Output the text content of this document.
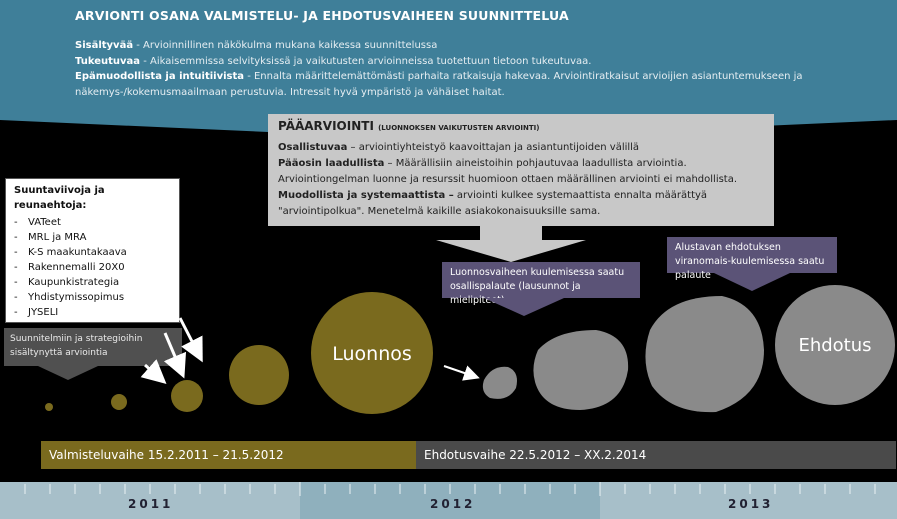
ARVIONTI OSANA VALMISTELU- JA EHDOTUSVAIHEEN SUUNNITTELUA
Sisältyvää - Arvioinnillinen näkökulma mukana kaikessa suunnittelussa
Tukeutuvaa - Aikaisemmissa selvityksissä ja vaikutusten arvioinneissa tuotettuun tietoon tukeutuvaa.
Epämuodollista ja intuitiivista - Ennalta määrittelemättömästi parhaita ratkaisuja hakevaa. Arviointiratkaisut arvioijien asiantuntemukseen ja näkemys-/kokemusmaailmaan perustuvia. Intressit hyvä ympäristö ja vähäiset haitat.
PÄÄARVIOINTI (LUONNOKSEN VAIKUTUSTEN ARVIOINTI)
Osallistuvaa – arviointiyhteistyö kaavoittajan ja asiantuntijoiden välillä
Pääosin laadullista – Määrällisiin aineistoihin pohjautuvaa laadullista arviointia.
Arviointiongelman luonne ja resurssit huomioon ottaen määrällinen arviointi ei mahdollista.
Muodollista ja systemaattista – arviointi kulkee systemaattista ennalta määrättyä "arviointipolkua". Menetelmä kaikille asiakokonaisuuksille sama.
Suuntaviivoja ja reunaehtoja:
- VATeet
- MRL ja MRA
- K-S maakuntakaava
- Rakennemalli 20X0
- Kaupunkistrategia
- Yhdistymissopimus
- JYSELI
Suunnitelmiin ja strategioihin sisältynyttä arviointia
Luonnosvaiheen kuulemisessa saatu osallispalaute (lausunnot ja mielipiteet)
Alustavan ehdotuksen viranomais-kuulemisessa saatu palaute
Luonnos	Ehdotus
Valmisteluvaihe 15.2.2011 – 21.5.2012	Ehdotusvaihe 22.5.2012 – XX.2.2014
2011	2012	2013
